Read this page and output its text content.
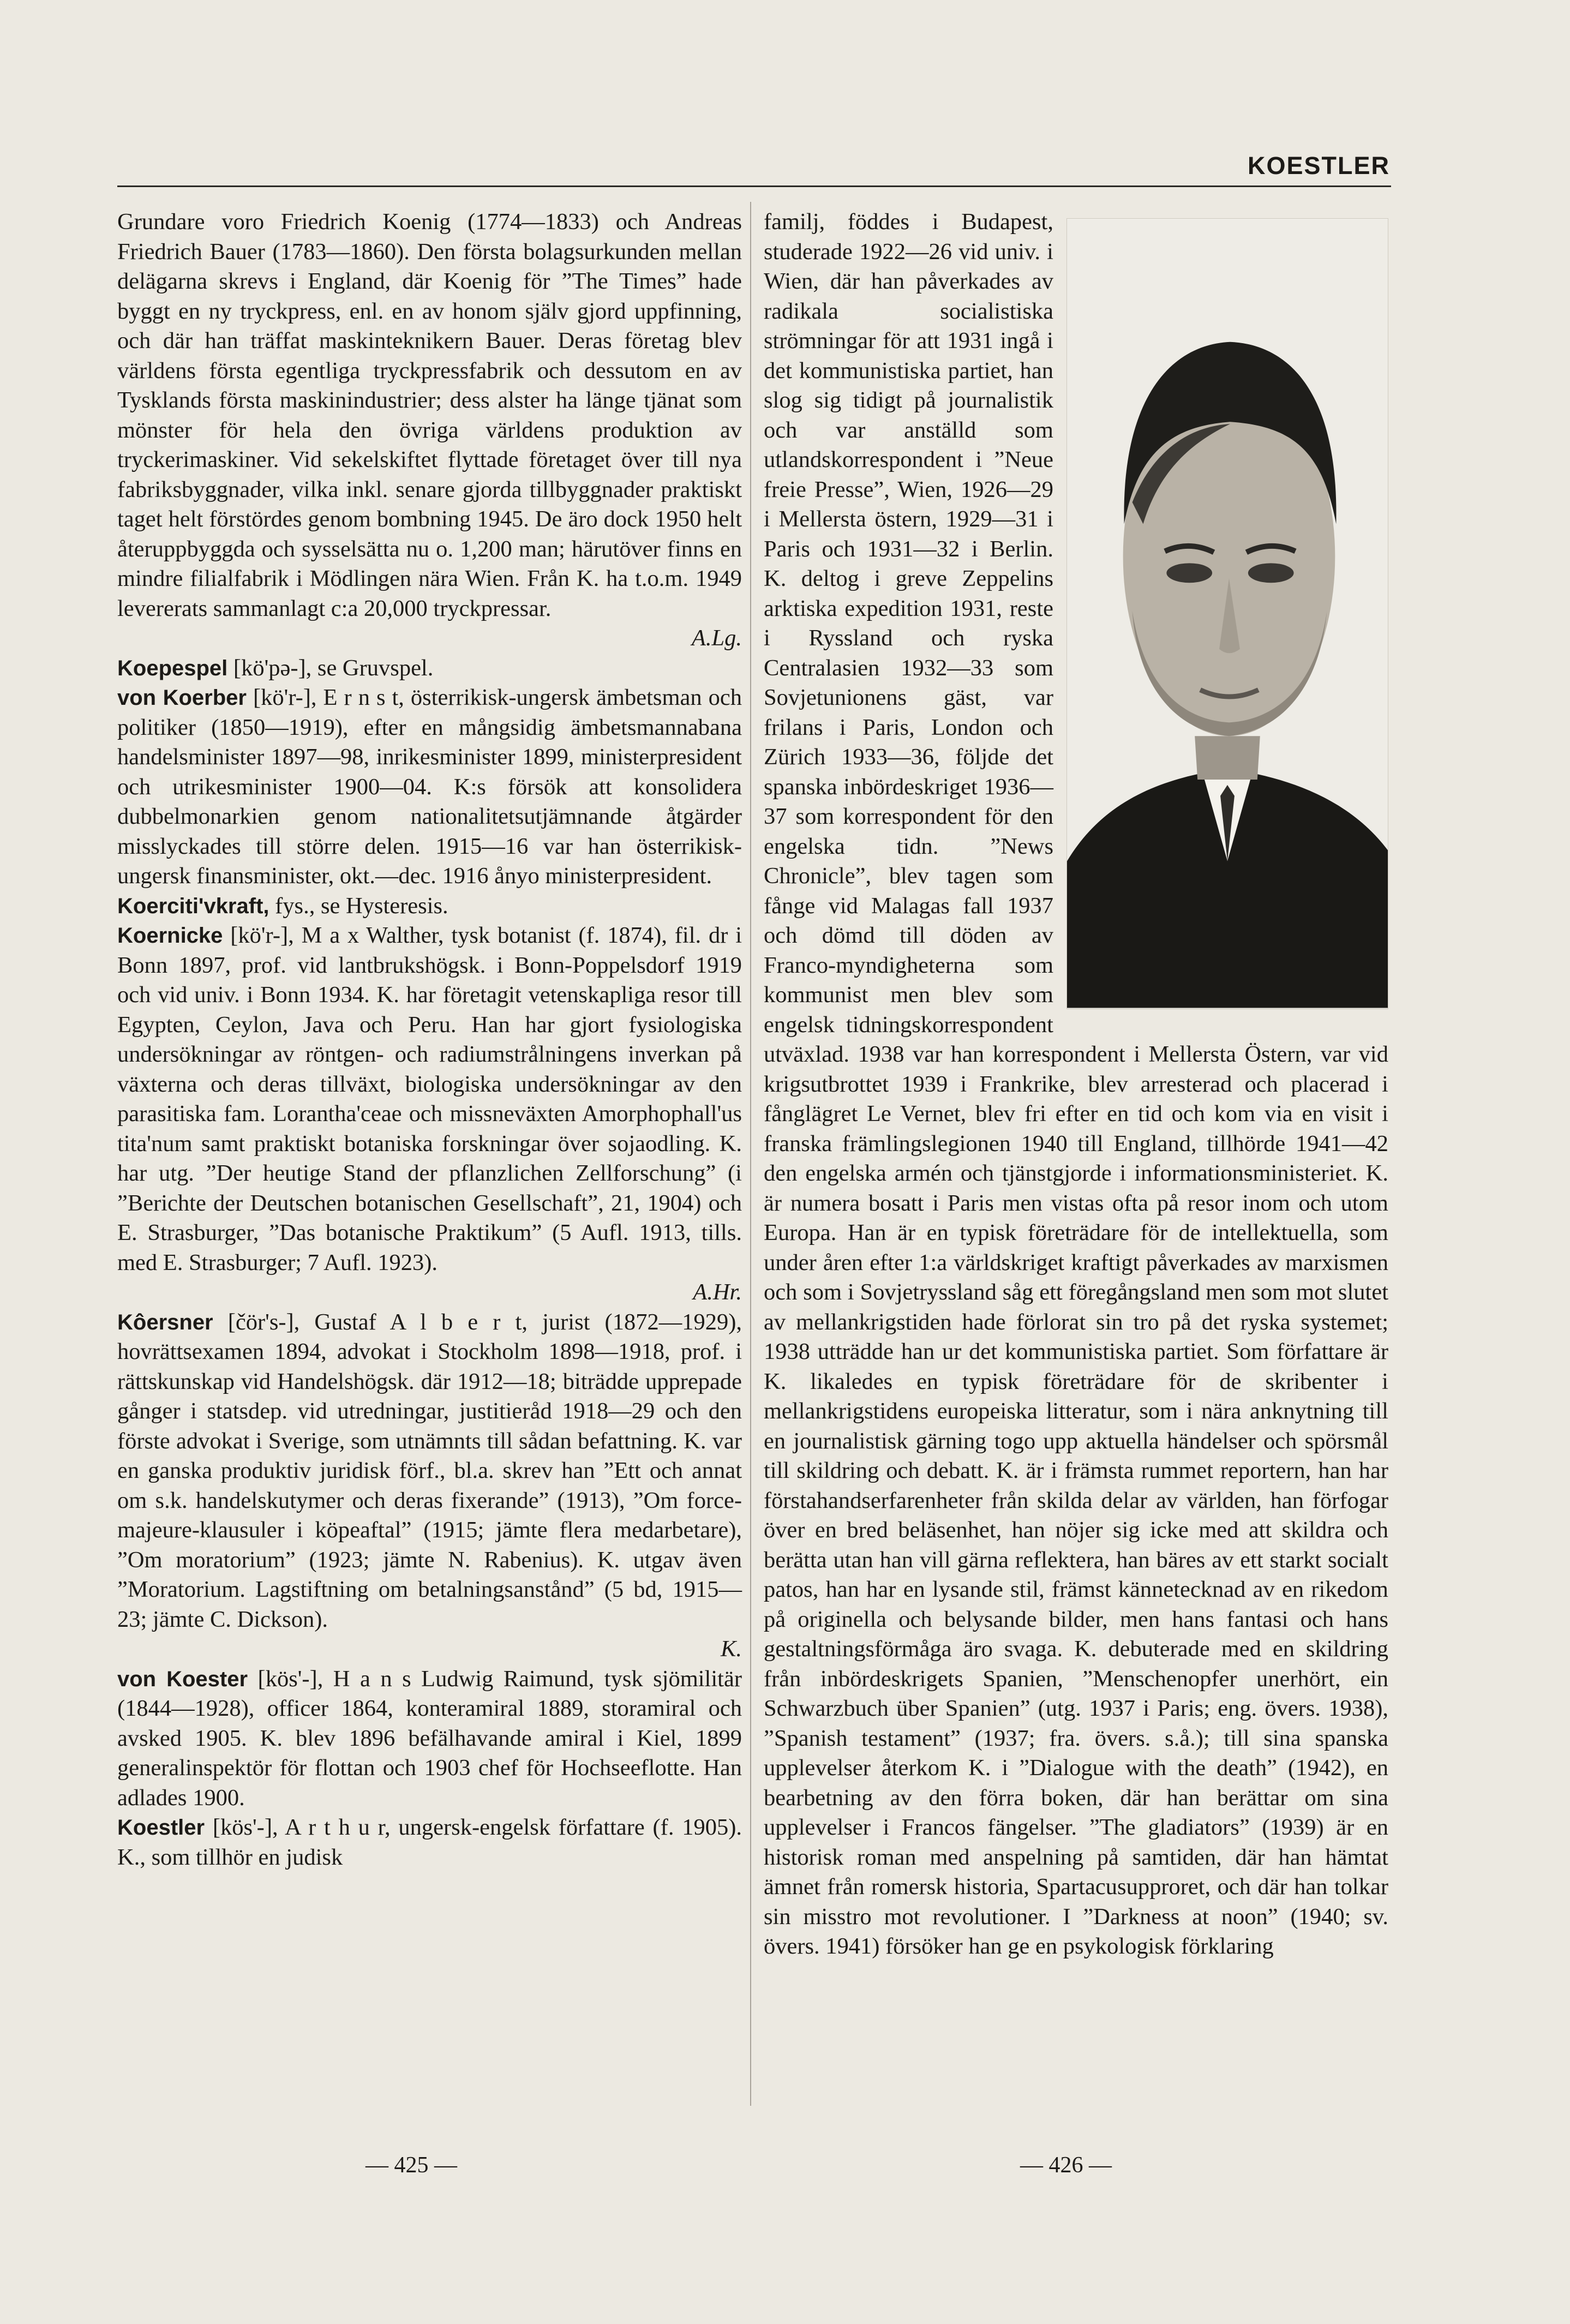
KOESTLER

Grundare voro Friedrich Koenig (1774—1833) och Andreas Friedrich Bauer (1783—1860). Den första bolagsurkunden mellan delägarna skrevs i England, där Koenig för ”The Times” hade byggt en ny tryckpress, enl. en av honom själv gjord uppfinning, och där han träffat maskinteknikern Bauer. Deras företag blev världens första egentliga tryckpressfabrik och dessutom en av Tysklands första maskinindustrier; dess alster ha länge tjänat som mönster för hela den övriga världens produktion av tryckerimaskiner. Vid sekelskiftet flyttade företaget över till nya fabriksbyggnader, vilka inkl. senare gjorda tillbyggnader praktiskt taget helt förstördes genom bombning 1945. De äro dock 1950 helt återuppbyggda och sysselsätta nu o. 1,200 man; härutöver finns en mindre filialfabrik i Mödlingen nära Wien. Från K. ha t.o.m. 1949 levererats sammanlagt c:a 20,000 tryckpressar.
A.Lg.

Koepespel [kö'pə-], se Gruvspel.

von Koerber [kö'r-], E r n s t, österrikisk-ungersk ämbetsman och politiker (1850—1919), efter en mångsidig ämbetsmannabana handelsminister 1897—98, inrikesminister 1899, ministerpresident och utrikesminister 1900—04. K:s försök att konsolidera dubbelmonarkien genom nationalitetsutjämnande åtgärder misslyckades till större delen. 1915—16 var han österrikisk-ungersk finansminister, okt.—dec. 1916 ånyo ministerpresident.

Koerciti'vkraft, fys., se Hysteresis.

Koernicke [kö'r-], M a x Walther, tysk botanist (f. 1874), fil. dr i Bonn 1897, prof. vid lantbrukshögsk. i Bonn-Poppelsdorf 1919 och vid univ. i Bonn 1934. K. har företagit vetenskapliga resor till Egypten, Ceylon, Java och Peru. Han har gjort fysiologiska undersökningar av röntgen- och radiumstrålningens inverkan på växterna och deras tillväxt, biologiska undersökningar av den parasitiska fam. Lorantha'ceae och missneväxten Amorphophall'us tita'num samt praktiskt botaniska forskningar över sojaodling. K. har utg. ”Der heutige Stand der pflanzlichen Zellforschung” (i ”Berichte der Deutschen botanischen Gesellschaft”, 21, 1904) och E. Strasburger, ”Das botanische Praktikum” (5 Aufl. 1913, tills. med E. Strasburger; 7 Aufl. 1923).
A.Hr.

Kôersner [čör's-], Gustaf A l b e r t, jurist (1872—1929), hovrättsexamen 1894, advokat i Stockholm 1898—1918, prof. i rättskunskap vid Handelshögsk. där 1912—18; biträdde upprepade gånger i statsdep. vid utredningar, justitieråd 1918—29 och den förste advokat i Sverige, som utnämnts till sådan befattning. K. var en ganska produktiv juridisk förf., bl.a. skrev han ”Ett och annat om s.k. handelskutymer och deras fixerande” (1913), ”Om force-majeure-klausuler i köpeaftal” (1915; jämte flera medarbetare), ”Om moratorium” (1923; jämte N. Rabenius). K. utgav även ”Moratorium. Lagstiftning om betalningsanstånd” (5 bd, 1915—23; jämte C. Dickson).
K.

von Koester [kös'-], H a n s Ludwig Raimund, tysk sjömilitär (1844—1928), officer 1864, konteramiral 1889, storamiral och avsked 1905. K. blev 1896 befälhavande amiral i Kiel, 1899 generalinspektör för flottan och 1903 chef för Hochseeflotte. Han adlades 1900.

Koestler [kös'-], A r t h u r, ungersk-engelsk författare (f. 1905). K., som tillhör en judisk

familj, föddes i Budapest, studerade 1922—26 vid univ. i Wien, där han påverkades av radikala socialistiska strömningar för att 1931 ingå i det kommunistiska partiet, han slog sig tidigt på journalistik och var anställd som utlandskorrespondent i ”Neue freie Presse”, Wien, 1926—29 i Mellersta östern, 1929—31 i Paris och 1931—32 i Berlin. K. deltog i greve Zeppelins arktiska expedition 1931, reste i Ryssland och ryska Centralasien 1932—33 som Sovjetunionens gäst, var frilans i Paris, London och Zürich 1933—36, följde det spanska inbördeskriget 1936—37 som korrespondent för den engelska tidn. ”News Chronicle”, blev tagen som fånge vid Malagas fall 1937 och dömd till döden av Franco-myndigheterna som kommunist men blev som engelsk tidningskorrespondent utväxlad. 1938 var han korrespondent i Mellersta Östern, var vid krigsutbrottet 1939 i Frankrike, blev arresterad och placerad i fånglägret Le Vernet, blev fri efter en tid och kom via en visit i franska främlingslegionen 1940 till England, tillhörde 1941—42 den engelska armén och tjänstgjorde i informationsministeriet. K. är numera bosatt i Paris men vistas ofta på resor inom och utom Europa. Han är en typisk företrädare för de intellektuella, som under åren efter 1:a världskriget kraftigt påverkades av marxismen och som i Sovjetryssland såg ett föregångsland men som mot slutet av mellankrigstiden hade förlorat sin tro på det ryska systemet; 1938 utträdde han ur det kommunistiska partiet. Som författare är K. likaledes en typisk företrädare för de skribenter i mellankrigstidens europeiska litteratur, som i nära anknytning till en journalistisk gärning togo upp aktuella händelser och spörsmål till skildring och debatt. K. är i främsta rummet reportern, han har förstahandserfarenheter från skilda delar av världen, han förfogar över en bred beläsenhet, han nöjer sig icke med att skildra och berätta utan han vill gärna reflektera, han bäres av ett starkt socialt patos, han har en lysande stil, främst kännetecknad av en rikedom på originella och belysande bilder, men hans fantasi och hans gestaltningsförmåga äro svaga. K. debuterade med en skildring från inbördeskrigets Spanien, ”Menschenopfer unerhört, ein Schwarzbuch über Spanien” (utg. 1937 i Paris; eng. övers. 1938), ”Spanish testament” (1937; fra. övers. s.å.); till sina spanska upplevelser återkom K. i ”Dialogue with the death” (1942), en bearbetning av den förra boken, där han berättar om sina upplevelser i Francos fängelser. ”The gladiators” (1939) är en historisk roman med anspelning på samtiden, där han hämtat ämnet från romersk historia, Spartacusupproret, och där han tolkar sin misstro mot revolutioner. I ”Darkness at noon” (1940; sv. övers. 1941) försöker han ge en psykologisk förklaring

— 425 —	— 426 —
